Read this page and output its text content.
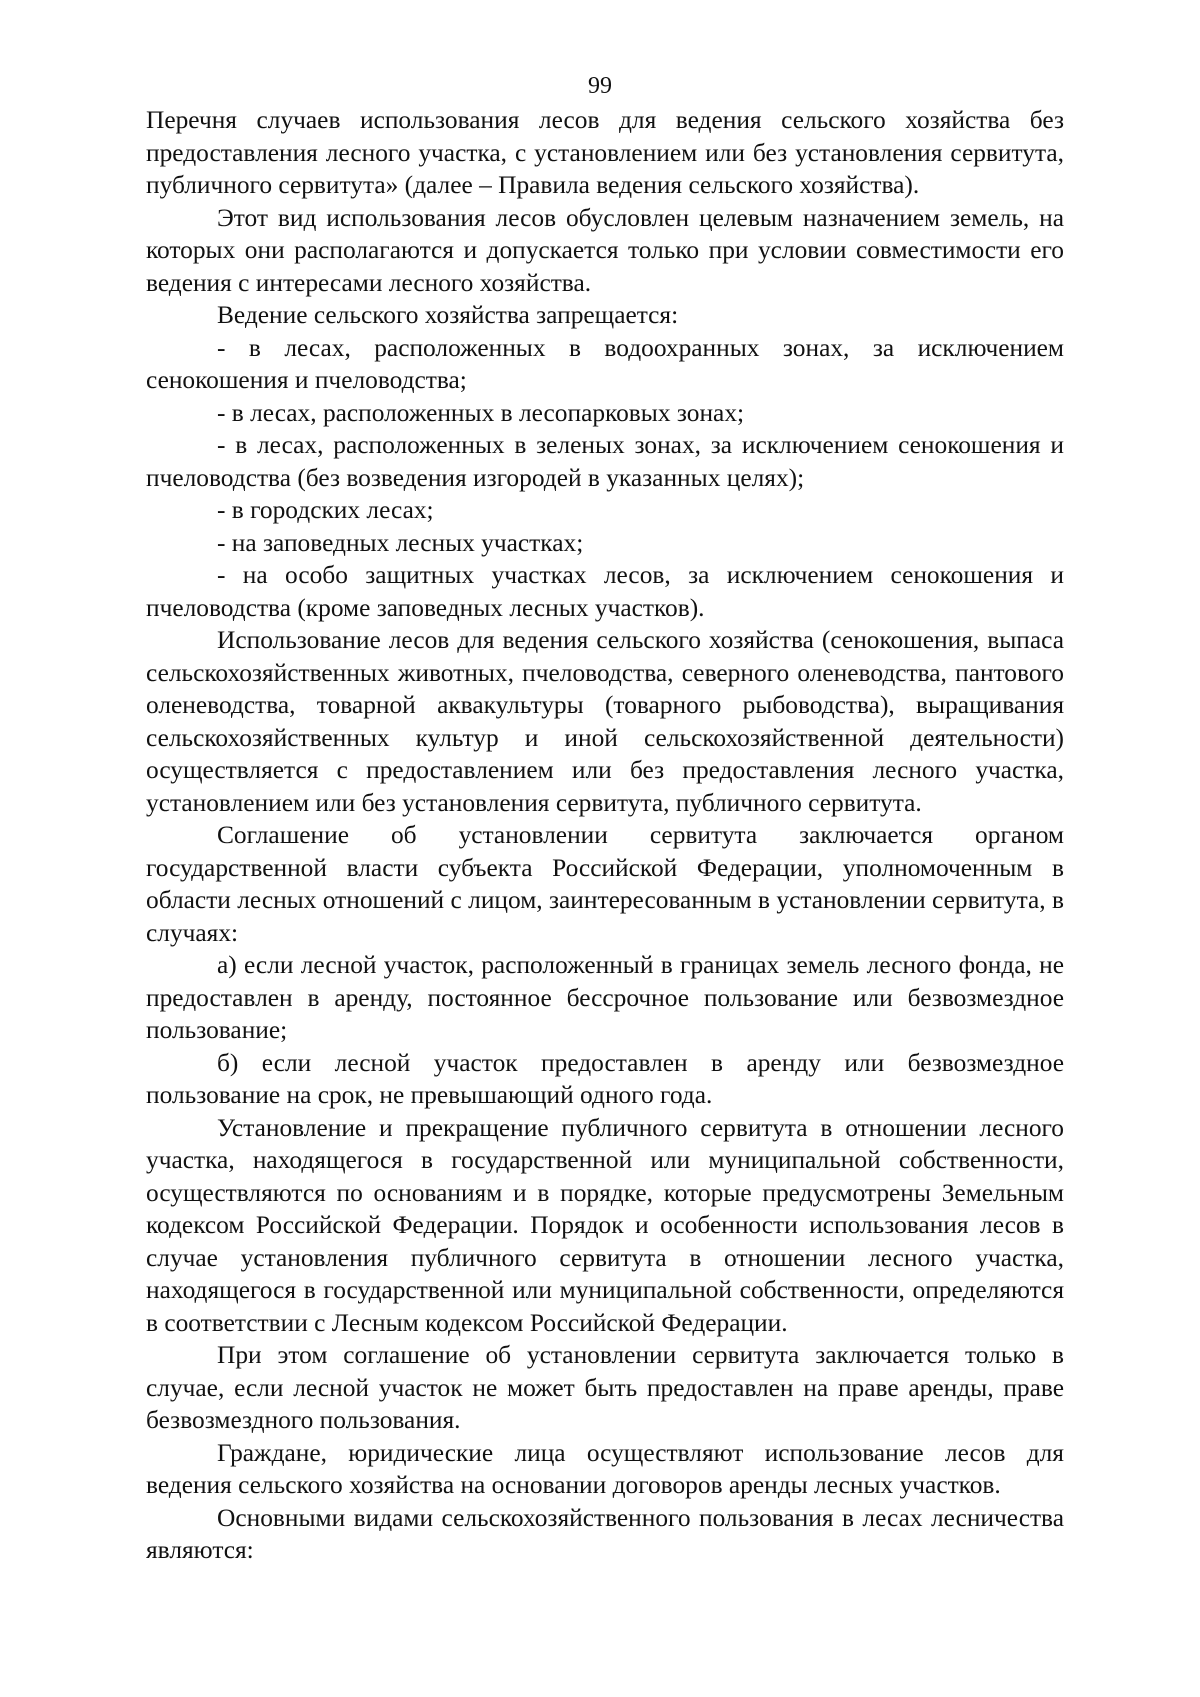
99

Перечня случаев использования лесов для ведения сельского хозяйства без предоставления лесного участка, с установлением или без установления сервитута, публичного сервитута» (далее – Правила ведения сельского хозяйства).

Этот вид использования лесов обусловлен целевым назначением земель, на которых они располагаются и допускается только при условии совместимости его ведения с интересами лесного хозяйства.

Ведение сельского хозяйства запрещается:

- в лесах, расположенных в водоохранных зонах, за исключением сенокошения и пчеловодства;

- в лесах, расположенных в лесопарковых зонах;

- в лесах, расположенных в зеленых зонах, за исключением сенокошения и пчеловодства (без возведения изгородей в указанных целях);

- в городских лесах;

- на заповедных лесных участках;

- на особо защитных участках лесов, за исключением сенокошения и пчеловодства (кроме заповедных лесных участков).

Использование лесов для ведения сельского хозяйства (сенокошения, выпаса сельскохозяйственных животных, пчеловодства, северного оленеводства, пантового оленеводства, товарной аквакультуры (товарного рыбоводства), выращивания сельскохозяйственных культур и иной сельскохозяйственной деятельности) осуществляется с предоставлением или без предоставления лесного участка, установлением или без установления сервитута, публичного сервитута.

Соглашение об установлении сервитута заключается органом государственной власти субъекта Российской Федерации, уполномоченным в области лесных отношений с лицом, заинтересованным в установлении сервитута, в случаях:

а) если лесной участок, расположенный в границах земель лесного фонда, не предоставлен в аренду, постоянное бессрочное пользование или безвозмездное пользование;

б) если лесной участок предоставлен в аренду или безвозмездное пользование на срок, не превышающий одного года.

Установление и прекращение публичного сервитута в отношении лесного участка, находящегося в государственной или муниципальной собственности, осуществляются по основаниям и в порядке, которые предусмотрены Земельным кодексом Российской Федерации. Порядок и особенности использования лесов в случае установления публичного сервитута в отношении лесного участка, находящегося в государственной или муниципальной собственности, определяются в соответствии с Лесным кодексом Российской Федерации.

При этом соглашение об установлении сервитута заключается только в случае, если лесной участок не может быть предоставлен на праве аренды, праве безвозмездного пользования.

Граждане, юридические лица осуществляют использование лесов для ведения сельского хозяйства на основании договоров аренды лесных участков.

Основными видами сельскохозяйственного пользования в лесах лесничества являются:
